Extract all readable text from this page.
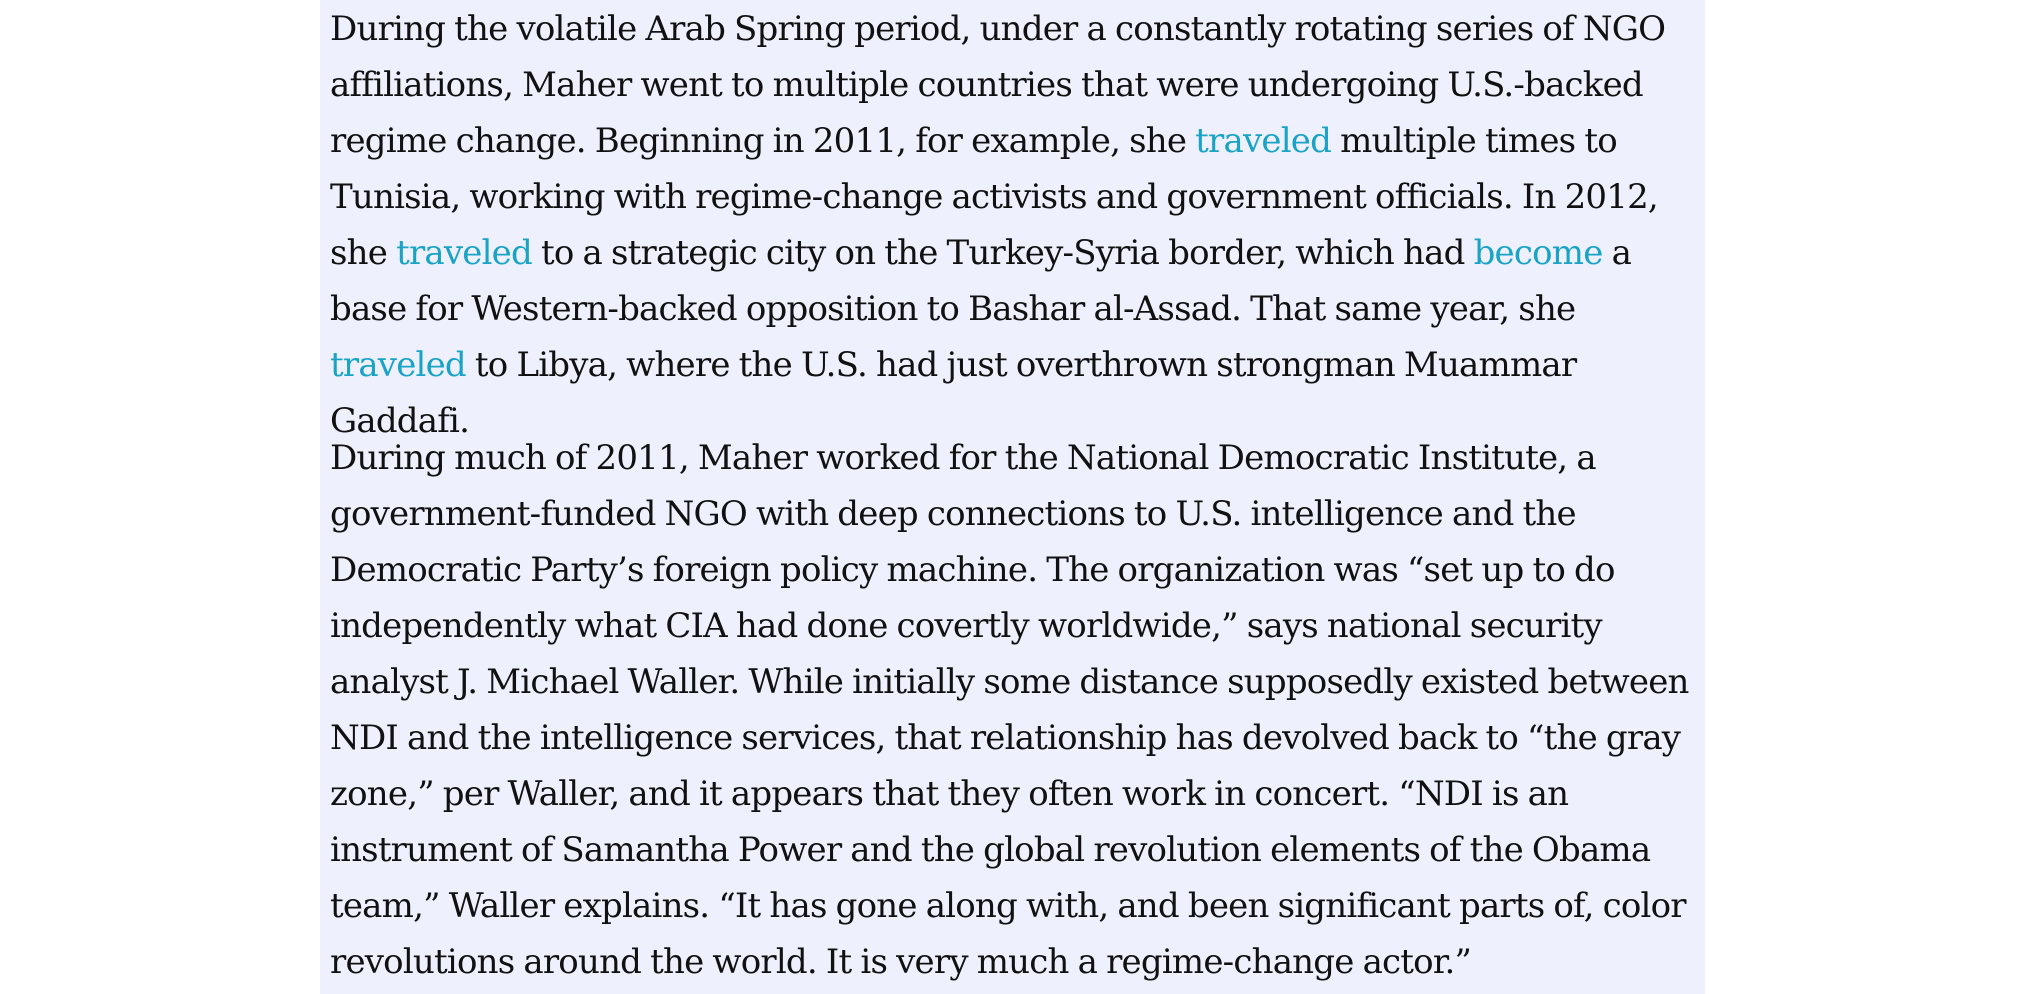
During the volatile Arab Spring period, under a constantly rotating series of NGO affiliations, Maher went to multiple countries that were undergoing U.S.-backed regime change. Beginning in 2011, for example, she traveled multiple times to Tunisia, working with regime-change activists and government officials. In 2012, she traveled to a strategic city on the Turkey-Syria border, which had become a base for Western-backed opposition to Bashar al-Assad. That same year, she traveled to Libya, where the U.S. had just overthrown strongman Muammar Gaddafi.

During much of 2011, Maher worked for the National Democratic Institute, a government-funded NGO with deep connections to U.S. intelligence and the Democratic Party’s foreign policy machine. The organization was “set up to do independently what CIA had done covertly worldwide,” says national security analyst J. Michael Waller. While initially some distance supposedly existed between NDI and the intelligence services, that relationship has devolved back to “the gray zone,” per Waller, and it appears that they often work in concert. “NDI is an instrument of Samantha Power and the global revolution elements of the Obama team,” Waller explains. “It has gone along with, and been significant parts of, color revolutions around the world. It is very much a regime-change actor.”
